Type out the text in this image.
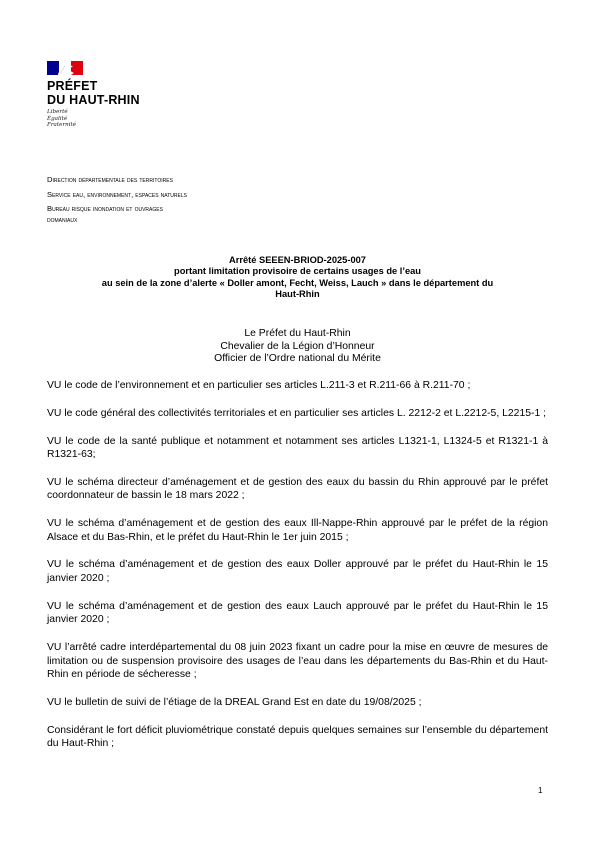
PRÉFET
DU HAUT-RHIN
Liberté
Égalité
Fraternité
Direction départementale des territoires
Service eau, environnement, espaces naturels
Bureau risque inondation et ouvrages
domaniaux
Arrêté SEEEN-BRIOD-2025-007
portant limitation provisoire de certains usages de l’eau
au sein de la zone d’alerte « Doller amont, Fecht, Weiss, Lauch » dans le département du
Haut-Rhin
Le Préfet du Haut-Rhin
Chevalier de la Légion d’Honneur
Officier de l’Ordre national du Mérite

VU le code de l’environnement et en particulier ses articles L.211-3 et R.211-66 à R.211-70 ;

VU le code général des collectivités territoriales et en particulier ses articles L. 2212-2 et L.2212-5, L2215-1 ;

VU le code de la santé publique et notamment et notamment ses articles L1321-1, L1324-5 et R1321-1 à R1321-63;

VU le schéma directeur d’aménagement et de gestion des eaux du bassin du Rhin approuvé par le préfet coordonnateur de bassin le 18 mars 2022 ;

VU le schéma d’aménagement et de gestion des eaux Ill-Nappe-Rhin approuvé par le préfet de la région Alsace et du Bas-Rhin, et le préfet du Haut-Rhin le 1er juin 2015 ;

VU le schéma d’aménagement et de gestion des eaux Doller approuvé par le préfet du Haut-Rhin le 15 janvier 2020 ;

VU le schéma d’aménagement et de gestion des eaux Lauch approuvé par le préfet du Haut-Rhin le 15 janvier 2020 ;

VU l’arrêté cadre interdépartemental du 08 juin 2023 fixant un cadre pour la mise en œuvre de mesures de limitation ou de suspension provisoire des usages de l’eau dans les départements du Bas-Rhin et du Haut-Rhin en période de sécheresse ;

VU le bulletin de suivi de l’étiage de la DREAL Grand Est en date du 19/08/2025 ;

Considérant le fort déficit pluviométrique constaté depuis quelques semaines sur l’ensemble du département du Haut-Rhin ;

1
